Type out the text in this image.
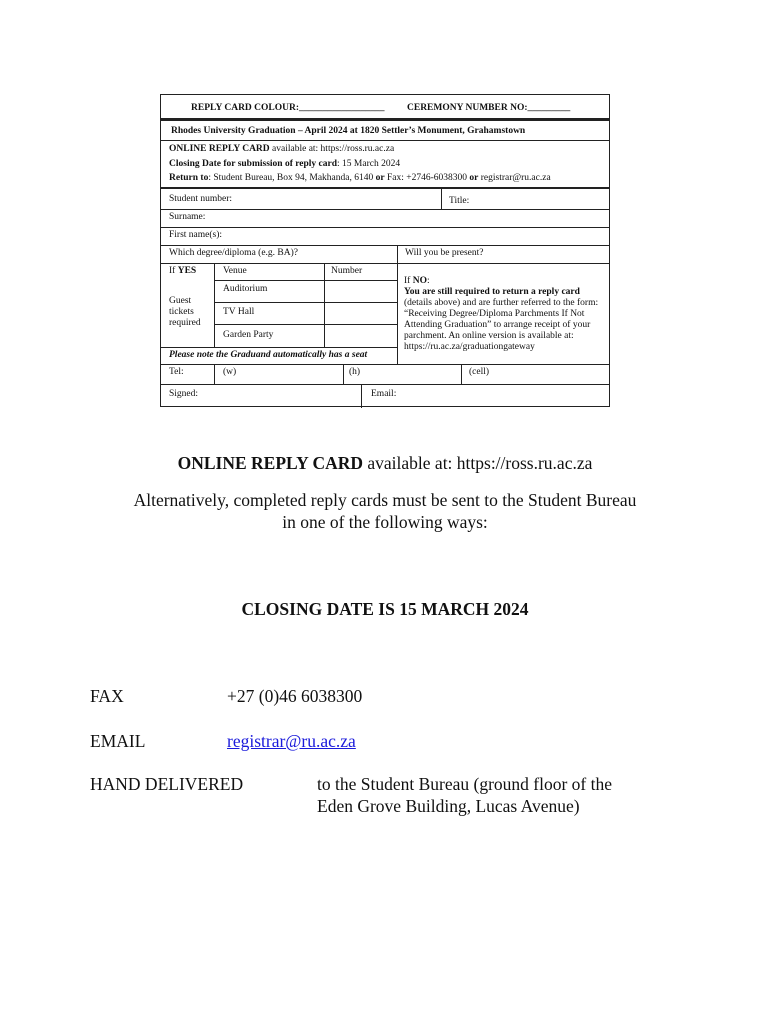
REPLY CARD COLOUR:__________________ CEREMONY NUMBER NO:_________
Rhodes University Graduation – April 2024 at 1820 Settler’s Monument, Grahamstown
ONLINE REPLY CARD available at: https://ross.ru.ac.za
Closing Date for submission of reply card: 15 March 2024
Return to: Student Bureau, Box 94, Makhanda, 6140 or Fax: +2746-6038300 or registrar@ru.ac.za
Student number:	Title:
Surname:
First name(s):
Which degree/diploma (e.g. BA)?	Will you be present?
If YES	Venue	Number
Guest tickets required
Auditorium
TV Hall
Garden Party
Please note the Graduand automatically has a seat
If NO:
You are still required to return a reply card
(details above) and are further referred to the form: “Receiving Degree/Diploma Parchments If Not Attending Graduation” to arrange receipt of your parchment. An online version is available at: https://ru.ac.za/graduationgateway
Tel:	(w)	(h)	(cell)
Signed:	Email:
ONLINE REPLY CARD available at: https://ross.ru.ac.za
Alternatively, completed reply cards must be sent to the Student Bureau
in one of the following ways:
CLOSING DATE IS 15 MARCH 2024
FAX	+27 (0)46 6038300
EMAIL	registrar@ru.ac.za
HAND DELIVERED	to the Student Bureau (ground floor of the
Eden Grove Building, Lucas Avenue)
